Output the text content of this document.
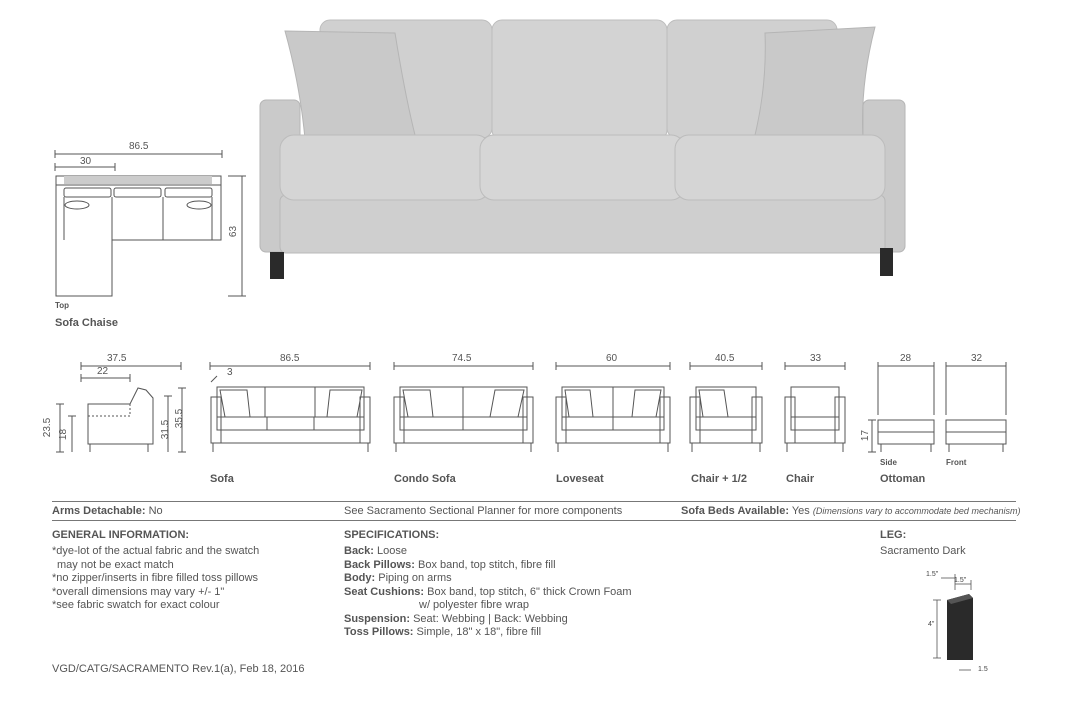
86.5
30
63
Top
Sofa Chaise
37.5
22
23.5 18	31.5
35.5
86.5
3
Sofa
74.5
Condo Sofa
60
Loveseat
40.5
Chair + 1/2
33
Chair
28	32
17
Side	Front
Ottoman
Arms Detachable: No	See Sacramento Sectional Planner for more components	Sofa Beds Available: Yes (Dimensions vary to accommodate bed mechanism)
GENERAL INFORMATION:
*dye-lot of the actual fabric and the swatch
may not be exact match
*no zipper/inserts in fibre filled toss pillows
*overall dimensions may vary +/- 1"
*see fabric swatch for exact colour
SPECIFICATIONS:
Back: Loose
Back Pillows: Box band, top stitch, fibre fill
Body: Piping on arms
Seat Cushions: Box band, top stitch, 6" thick Crown Foam
w/ polyester fibre wrap
Suspension: Seat: Webbing | Back: Webbing
Toss Pillows: Simple, 18" x 18", fibre fill
LEG:
Sacramento Dark
1.5"
1.5"
4"
1.5
VGD/CATG/SACRAMENTO Rev.1(a), Feb 18, 2016
